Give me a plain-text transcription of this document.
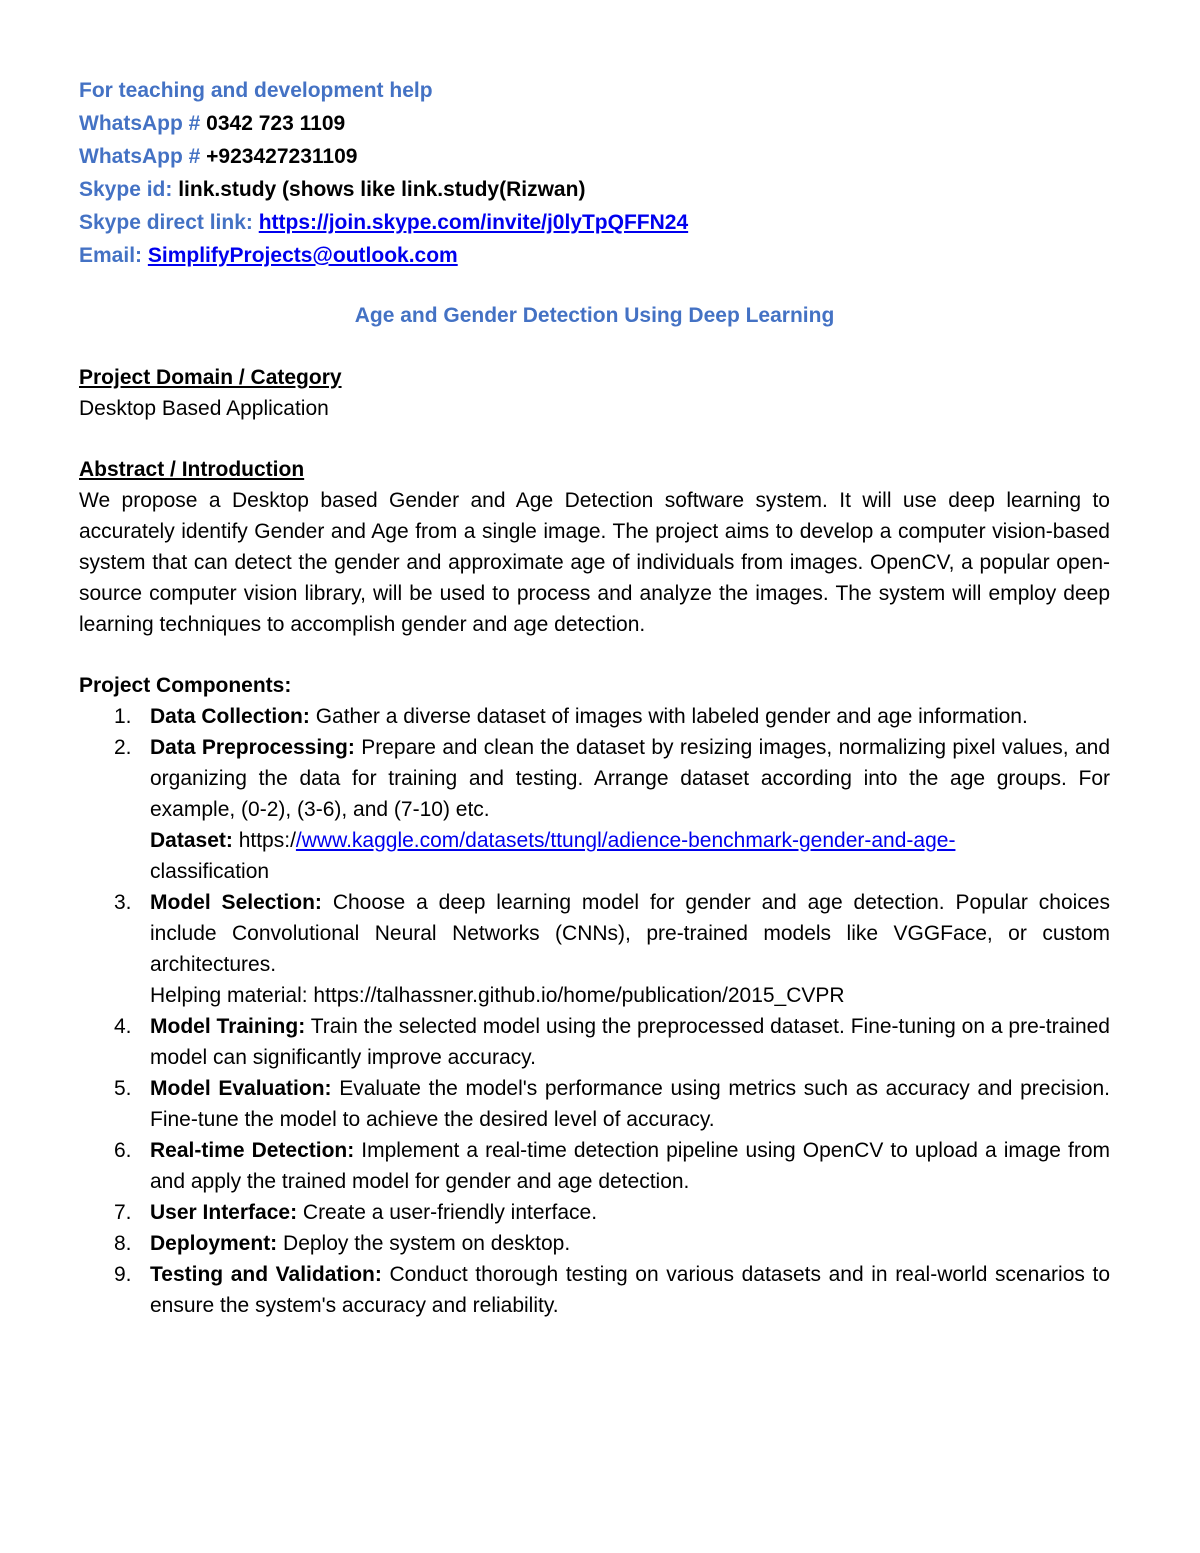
For teaching and development help
WhatsApp # 0342 723 1109
WhatsApp # +923427231109
Skype id: link.study (shows like link.study(Rizwan)
Skype direct link: https://join.skype.com/invite/j0lyTpQFFN24
Email: SimplifyProjects@outlook.com
Age and Gender Detection Using Deep Learning
Project Domain / Category
Desktop Based Application
Abstract / Introduction
We propose a Desktop based Gender and Age Detection software system. It will use deep learning to accurately identify Gender and Age from a single image. The project aims to develop a computer vision-based system that can detect the gender and approximate age of individuals from images. OpenCV, a popular open-source computer vision library, will be used to process and analyze the images. The system will employ deep learning techniques to accomplish gender and age detection.
Project Components:
1. Data Collection: Gather a diverse dataset of images with labeled gender and age information.
2. Data Preprocessing: Prepare and clean the dataset by resizing images, normalizing pixel values, and organizing the data for training and testing. Arrange dataset according into the age groups. For example, (0-2), (3-6), and (7-10) etc.
Dataset: https://www.kaggle.com/datasets/ttungl/adience-benchmark-gender-and-age-
classification
3. Model Selection: Choose a deep learning model for gender and age detection. Popular choices include Convolutional Neural Networks (CNNs), pre-trained models like VGGFace, or custom architectures.
Helping material: https://talhassner.github.io/home/publication/2015_CVPR
4. Model Training: Train the selected model using the preprocessed dataset. Fine-tuning on a pre-trained model can significantly improve accuracy.
5. Model Evaluation: Evaluate the model's performance using metrics such as accuracy and precision. Fine-tune the model to achieve the desired level of accuracy.
6. Real-time Detection: Implement a real-time detection pipeline using OpenCV to upload a image from and apply the trained model for gender and age detection.
7. User Interface: Create a user-friendly interface.
8. Deployment: Deploy the system on desktop.
9. Testing and Validation: Conduct thorough testing on various datasets and in real-world scenarios to ensure the system's accuracy and reliability.
